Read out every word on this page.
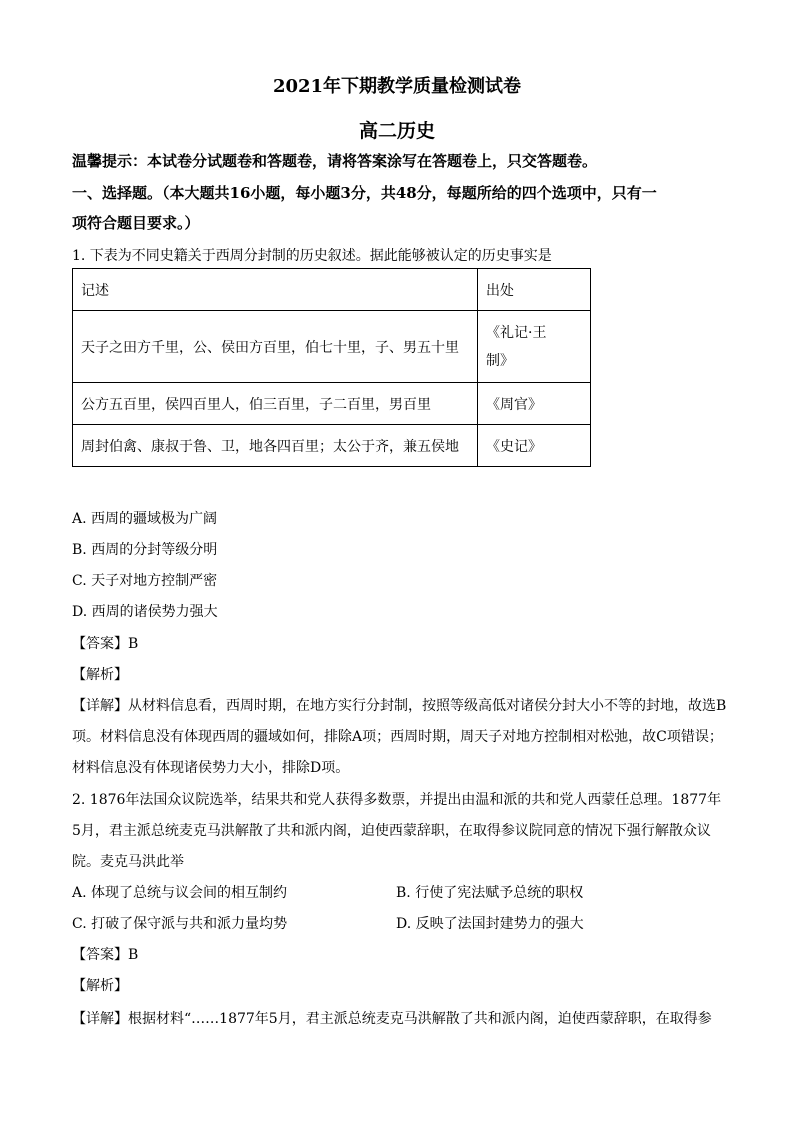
2021年下期教学质量检测试卷
高二历史
温馨提示：本试卷分试题卷和答题卷，请将答案涂写在答题卷上，只交答题卷。
一、选择题。（本大题共16小题，每小题3分，共48分，每题所给的四个选项中，只有一
项符合题目要求。）
1. 下表为不同史籍关于西周分封制的历史叙述。据此能够被认定的历史事实是
记述	出处
天子之田方千里，公、侯田方百里，伯七十里，子、男五十里	《礼记·王
制》

公方五百里，侯四百里人，伯三百里，子二百里，男百里	《周官》
周封伯禽、康叔于鲁、卫，地各四百里；太公于齐，兼五侯地	《史记》
A. 西周的疆域极为广阔
B. 西周的分封等级分明
C. 天子对地方控制严密
D. 西周的诸侯势力强大
【答案】B
【解析】
【详解】从材料信息看，西周时期，在地方实行分封制，按照等级高低对诸侯分封大小不等的封地，故选B
项。材料信息没有体现西周的疆域如何，排除A项；西周时期，周天子对地方控制相对松弛，故C项错误；
材料信息没有体现诸侯势力大小，排除D项。
2. 1876年法国众议院选举，结果共和党人获得多数票，并提出由温和派的共和党人西蒙任总理。1877年
5月，君主派总统麦克马洪解散了共和派内阁，迫使西蒙辞职，在取得参议院同意的情况下强行解散众议
院。麦克马洪此举
A. 体现了总统与议会间的相互制约	B. 行使了宪法赋予总统的职权
C. 打破了保守派与共和派力量均势	D. 反映了法国封建势力的强大
【答案】B
【解析】
【详解】根据材料“……1877年5月，君主派总统麦克马洪解散了共和派内阁，迫使西蒙辞职，在取得参
